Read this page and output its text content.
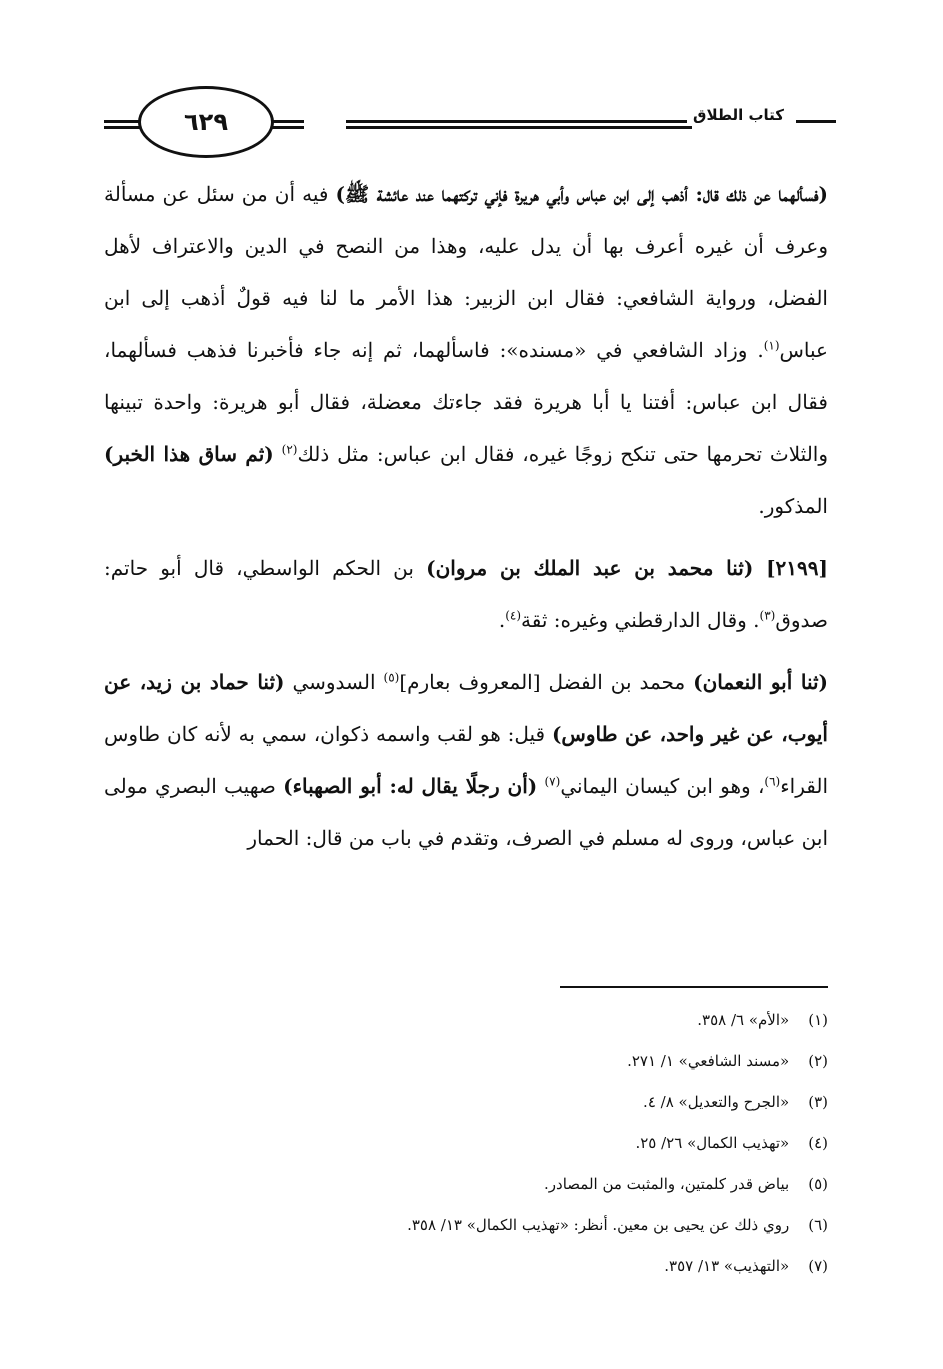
٦٢٩	كتاب الطلاق

(فسألهما عن ذلك قال: أذهب إلى ابن عباس وأبي هريرة فإني تركتهما عند عائشة ﷺ) فيه أن من سئل عن مسألة وعرف أن غيره أعرف بها أن يدل عليه، وهذا من النصح في الدين والاعتراف لأهل الفضل، ورواية الشافعي: فقال ابن الزبير: هذا الأمر ما لنا فيه قولٌ أذهب إلى ابن عباس$^{(١)}$. وزاد الشافعي في «مسنده»: فاسألهما، ثم إنه جاء فأخبرنا فذهب فسألهما، فقال ابن عباس: أفتنا يا أبا هريرة فقد جاءتك معضلة، فقال أبو هريرة: واحدة تبينها والثلاث تحرمها حتى تنكح زوجًا غيره، فقال ابن عباس: مثل ذلك$^{(٢)}$ (ثم ساق هذا الخبر) المذكور.

[٢١٩٩] (ثنا محمد بن عبد الملك بن مروان) بن الحكم الواسطي، قال أبو حاتم: صدوق$^{(٣)}$. وقال الدارقطني وغيره: ثقة$^{(٤)}$.

(ثنا أبو النعمان) محمد بن الفضل [المعروف بعارم]$^{(٥)}$ السدوسي (ثنا حماد بن زيد، عن أيوب، عن غير واحد، عن طاوس) قيل: هو لقب واسمه ذكوان، سمي به لأنه كان طاوس القراء$^{(٦)}$، وهو ابن كيسان اليماني$^{(٧)}$ (أن رجلًا يقال له: أبو الصهباء) صهيب البصري مولى ابن عباس، وروى له مسلم في الصرف، وتقدم في باب من قال: الحمار

(١) «الأم» ٦/ ٣٥٨.
(٢) «مسند الشافعي» ١/ ٢٧١.
(٣) «الجرح والتعديل» ٨/ ٤.
(٤) «تهذيب الكمال» ٢٦/ ٢٥.
(٥) بياض قدر كلمتين، والمثبت من المصادر.
(٦) روي ذلك عن يحيى بن معين. أنظر: «تهذيب الكمال» ١٣/ ٣٥٨.
(٧) «التهذيب» ١٣/ ٣٥٧.
